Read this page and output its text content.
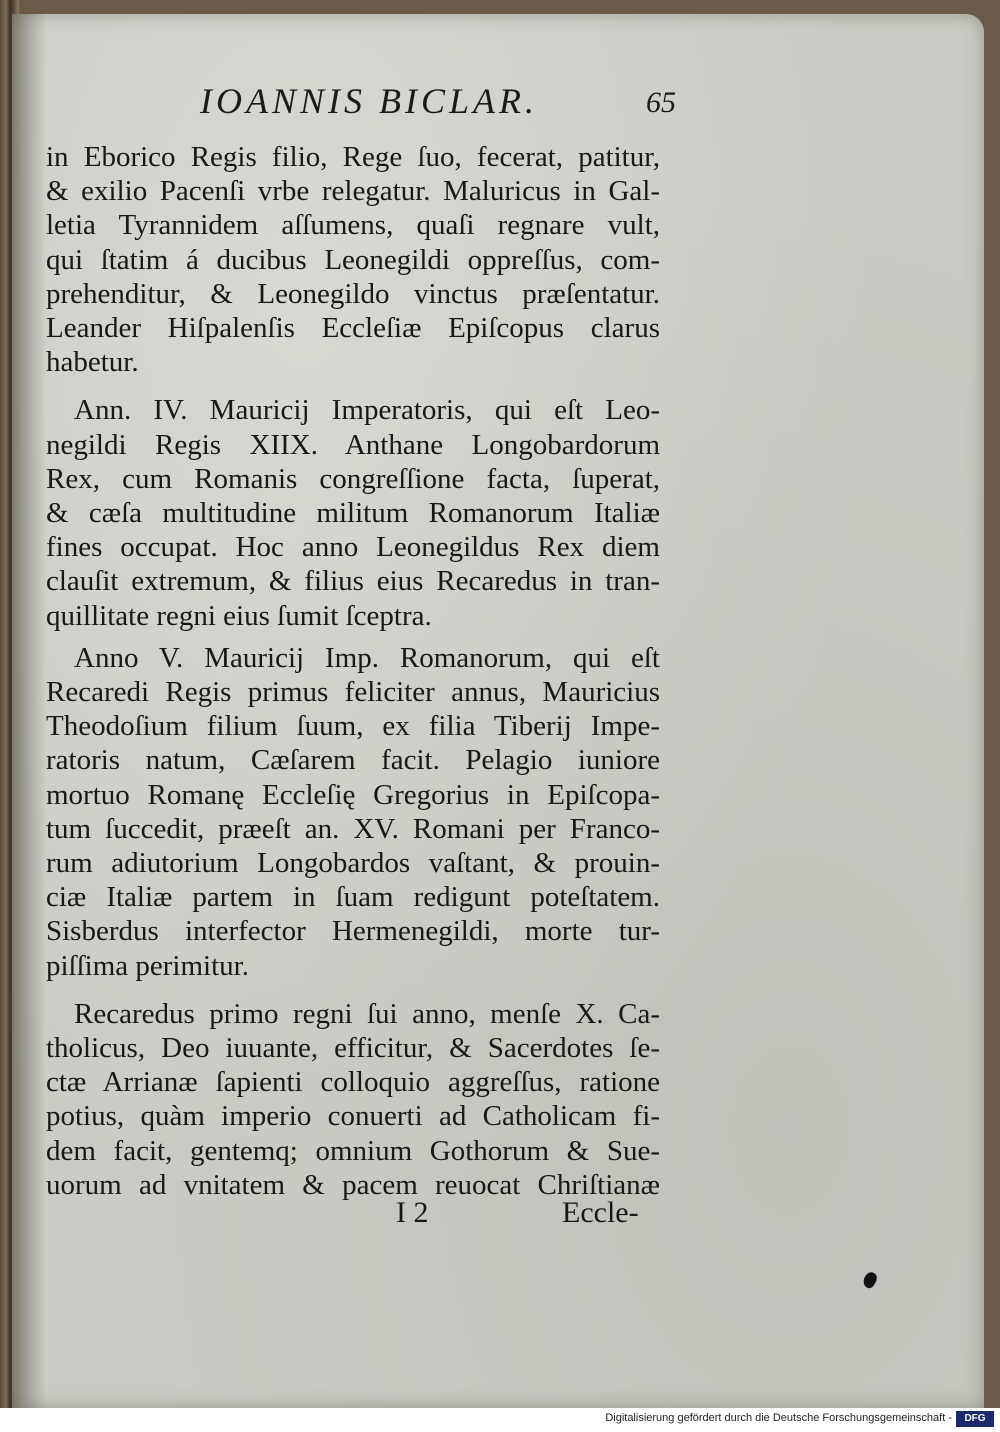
IOANNIS BICLAR.	65
in Eborico Regis filio, Rege ſuo, fecerat, patitur,
& exilio Pacenſi vrbe relegatur. Maluricus in Gal-
letia Tyrannidem aſſumens, quaſi regnare vult,
qui ſtatim á ducibus Leonegildi oppreſſus, com-
prehenditur, & Leonegildo vinctus præſentatur.
Leander Hiſpalenſis Eccleſiæ Epiſcopus clarus
habetur.
Ann. IV. Mauricij Imperatoris, qui eſt Leo-
negildi Regis XIIX. Anthane Longobardorum
Rex, cum Romanis congreſſione facta, ſuperat,
& cæſa multitudine militum Romanorum Italiæ
fines occupat. Hoc anno Leonegildus Rex diem
clauſit extremum, & filius eius Recaredus in tran-
quillitate regni eius ſumit ſceptra.
Anno V. Mauricij Imp. Romanorum, qui eſt
Recaredi Regis primus feliciter annus, Mauricius
Theodoſium filium ſuum, ex filia Tiberij Impe-
ratoris natum, Cæſarem facit. Pelagio iuniore
mortuo Romanę Eccleſię Gregorius in Epiſcopa-
tum ſuccedit, præeſt an. XV. Romani per Franco-
rum adiutorium Longobardos vaſtant, & prouin-
ciæ Italiæ partem in ſuam redigunt poteſtatem.
Sisberdus interfector Hermenegildi, morte tur-
piſſima perimitur.
Recaredus primo regni ſui anno, menſe X. Ca-
tholicus, Deo iuuante, efficitur, & Sacerdotes ſe-
ctæ Arrianæ ſapienti colloquio aggreſſus, ratione
potius, quàm imperio conuerti ad Catholicam fi-
dem facit, gentemq; omnium Gothorum & Sue-
uorum ad vnitatem & pacem reuocat Chriſtianæ
I 2	Eccle-
Digitalisierung gefördert durch die Deutsche Forschungsgemeinschaft -	DFG
